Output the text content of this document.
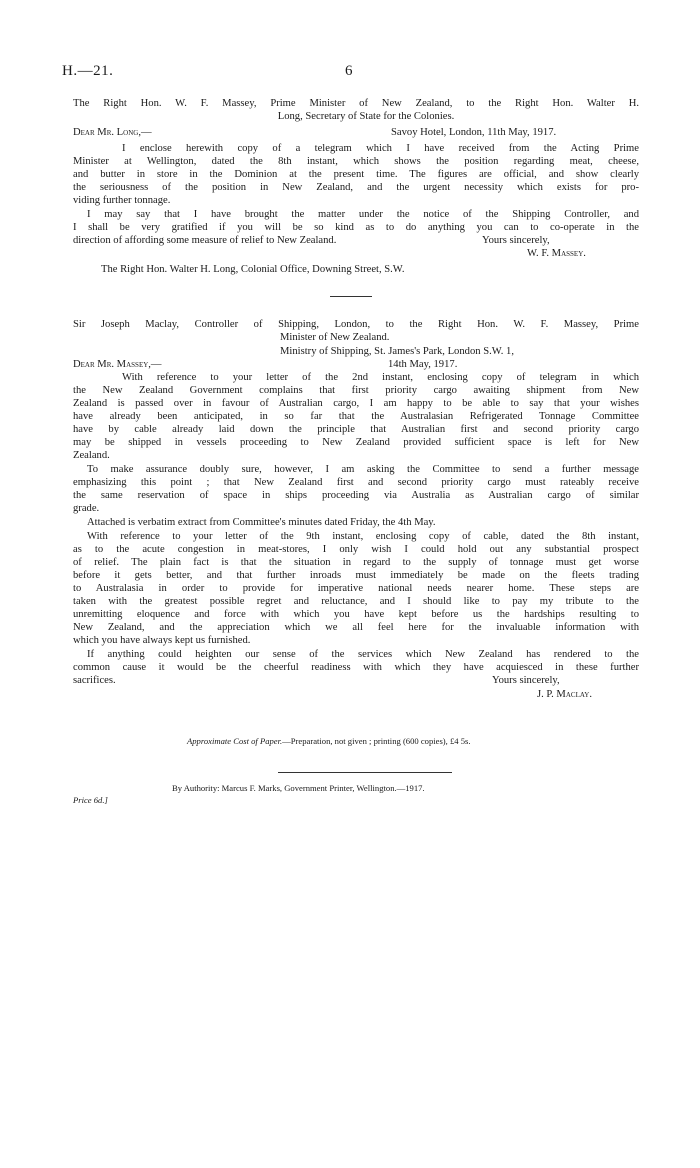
H.—21.	6
The Right Hon. W. F. Massey, Prime Minister of New Zealand, to the Right Hon. Walter H.
Long, Secretary of State for the Colonies.
Dear Mr. Long,—	Savoy Hotel, London, 11th May, 1917.
I enclose herewith copy of a telegram which I have received from the Acting Prime
Minister at Wellington, dated the 8th instant, which shows the position regarding meat, cheese,
and butter in store in the Dominion at the present time. The figures are official, and show clearly
the seriousness of the position in New Zealand, and the urgent necessity which exists for pro-
viding further tonnage.
I may say that I have brought the matter under the notice of the Shipping Controller, and
I shall be very gratified if you will be so kind as to do anything you can to co-operate in the
direction of affording some measure of relief to New Zealand.	Yours sincerely,
W. F. Massey.
The Right Hon. Walter H. Long, Colonial Office, Downing Street, S.W.
Sir Joseph Maclay, Controller of Shipping, London, to the Right Hon. W. F. Massey, Prime
Minister of New Zealand.
Ministry of Shipping, St. James's Park, London S.W. 1,
Dear Mr. Massey,—	14th May, 1917.
With reference to your letter of the 2nd instant, enclosing copy of telegram in which
the New Zealand Government complains that first priority cargo awaiting shipment from New
Zealand is passed over in favour of Australian cargo, I am happy to be able to say that your wishes
have already been anticipated, in so far that the Australasian Refrigerated Tonnage Committee
have by cable already laid down the principle that Australian first and second priority cargo
may be shipped in vessels proceeding to New Zealand provided sufficient space is left for New
Zealand.
To make assurance doubly sure, however, I am asking the Committee to send a further message
emphasizing this point ; that New Zealand first and second priority cargo must rateably receive
the same reservation of space in ships proceeding via Australia as Australian cargo of similar
grade.
Attached is verbatim extract from Committee's minutes dated Friday, the 4th May.
With reference to your letter of the 9th instant, enclosing copy of cable, dated the 8th instant,
as to the acute congestion in meat-stores, I only wish I could hold out any substantial prospect
of relief. The plain fact is that the situation in regard to the supply of tonnage must get worse
before it gets better, and that further inroads must immediately be made on the fleets trading
to Australasia in order to provide for imperative national needs nearer home. These steps are
taken with the greatest possible regret and reluctance, and I should like to pay my tribute to the
unremitting eloquence and force with which you have kept before us the hardships resulting to
New Zealand, and the appreciation which we all feel here for the invaluable information with
which you have always kept us furnished.
If anything could heighten our sense of the services which New Zealand has rendered to the
common cause it would be the cheerful readiness with which they have acquiesced in these further
sacrifices.	Yours sincerely,
J. P. Maclay.
Approximate Cost of Paper.—Preparation, not given ; printing (600 copies), £4 5s.
By Authority: Marcus F. Marks, Government Printer, Wellington.—1917.
Price 6d.]
